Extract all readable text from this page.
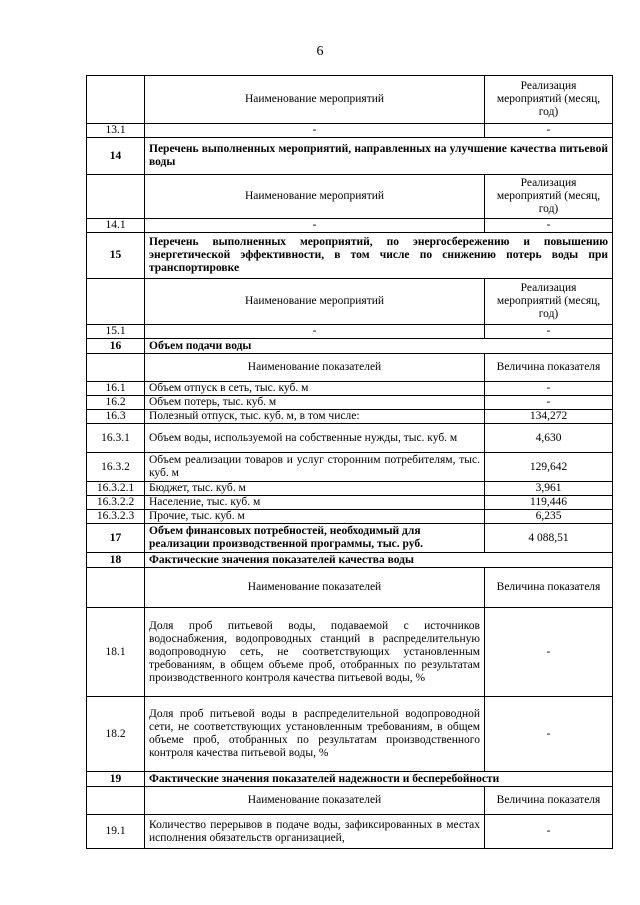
6
	Наименование мероприятий	Реализация мероприятий (месяц, год)
13.1	-	-
14	Перечень выполненных мероприятий, направленных на улучшение качества питьевой воды	
	Наименование мероприятий	Реализация мероприятий (месяц, год)
14.1	-	-
15	Перечень выполненных мероприятий, по энергосбережению и повышению энергетической эффективности, в том числе по снижению потерь воды при транспортировке	
	Наименование мероприятий	Реализация мероприятий (месяц, год)
15.1	-	-
16	Объем подачи воды	
	Наименование показателей	Величина показателя
16.1	Объем отпуск в сеть, тыс. куб. м	-
16.2	Объем потерь, тыс. куб. м	-
16.3	Полезный отпуск, тыс. куб. м, в том числе:	134,272
16.3.1	Объем воды, используемой на собственные нужды, тыс. куб. м	4,630
16.3.2	Объем реализации товаров и услуг сторонним потребителям, тыс. куб. м	129,642
16.3.2.1	Бюджет, тыс. куб. м	3,961
16.3.2.2	Население, тыс. куб. м	119,446
16.3.2.3	Прочие, тыс. куб. м	6,235
17	Объем финансовых потребностей, необходимый для реализации производственной программы, тыс. руб.	4 088,51
18	Фактические значения показателей качества воды	
	Наименование показателей	Величина показателя
18.1	Доля проб питьевой воды, подаваемой с источников водоснабжения, водопроводных станций в распределительную водопроводную сеть, не соответствующих установленным требованиям, в общем объеме проб, отобранных по результатам производственного контроля качества питьевой воды, %	-
18.2	Доля проб питьевой воды в распределительной водопроводной сети, не соответствующих установленным требованиям, в общем объеме проб, отобранных по результатам производственного контроля качества питьевой воды, %	-
19	Фактические значения показателей надежности и бесперебойности	
	Наименование показателей	Величина показателя
19.1	Количество перерывов в подаче воды, зафиксированных в местах исполнения обязательств организацией,	-
